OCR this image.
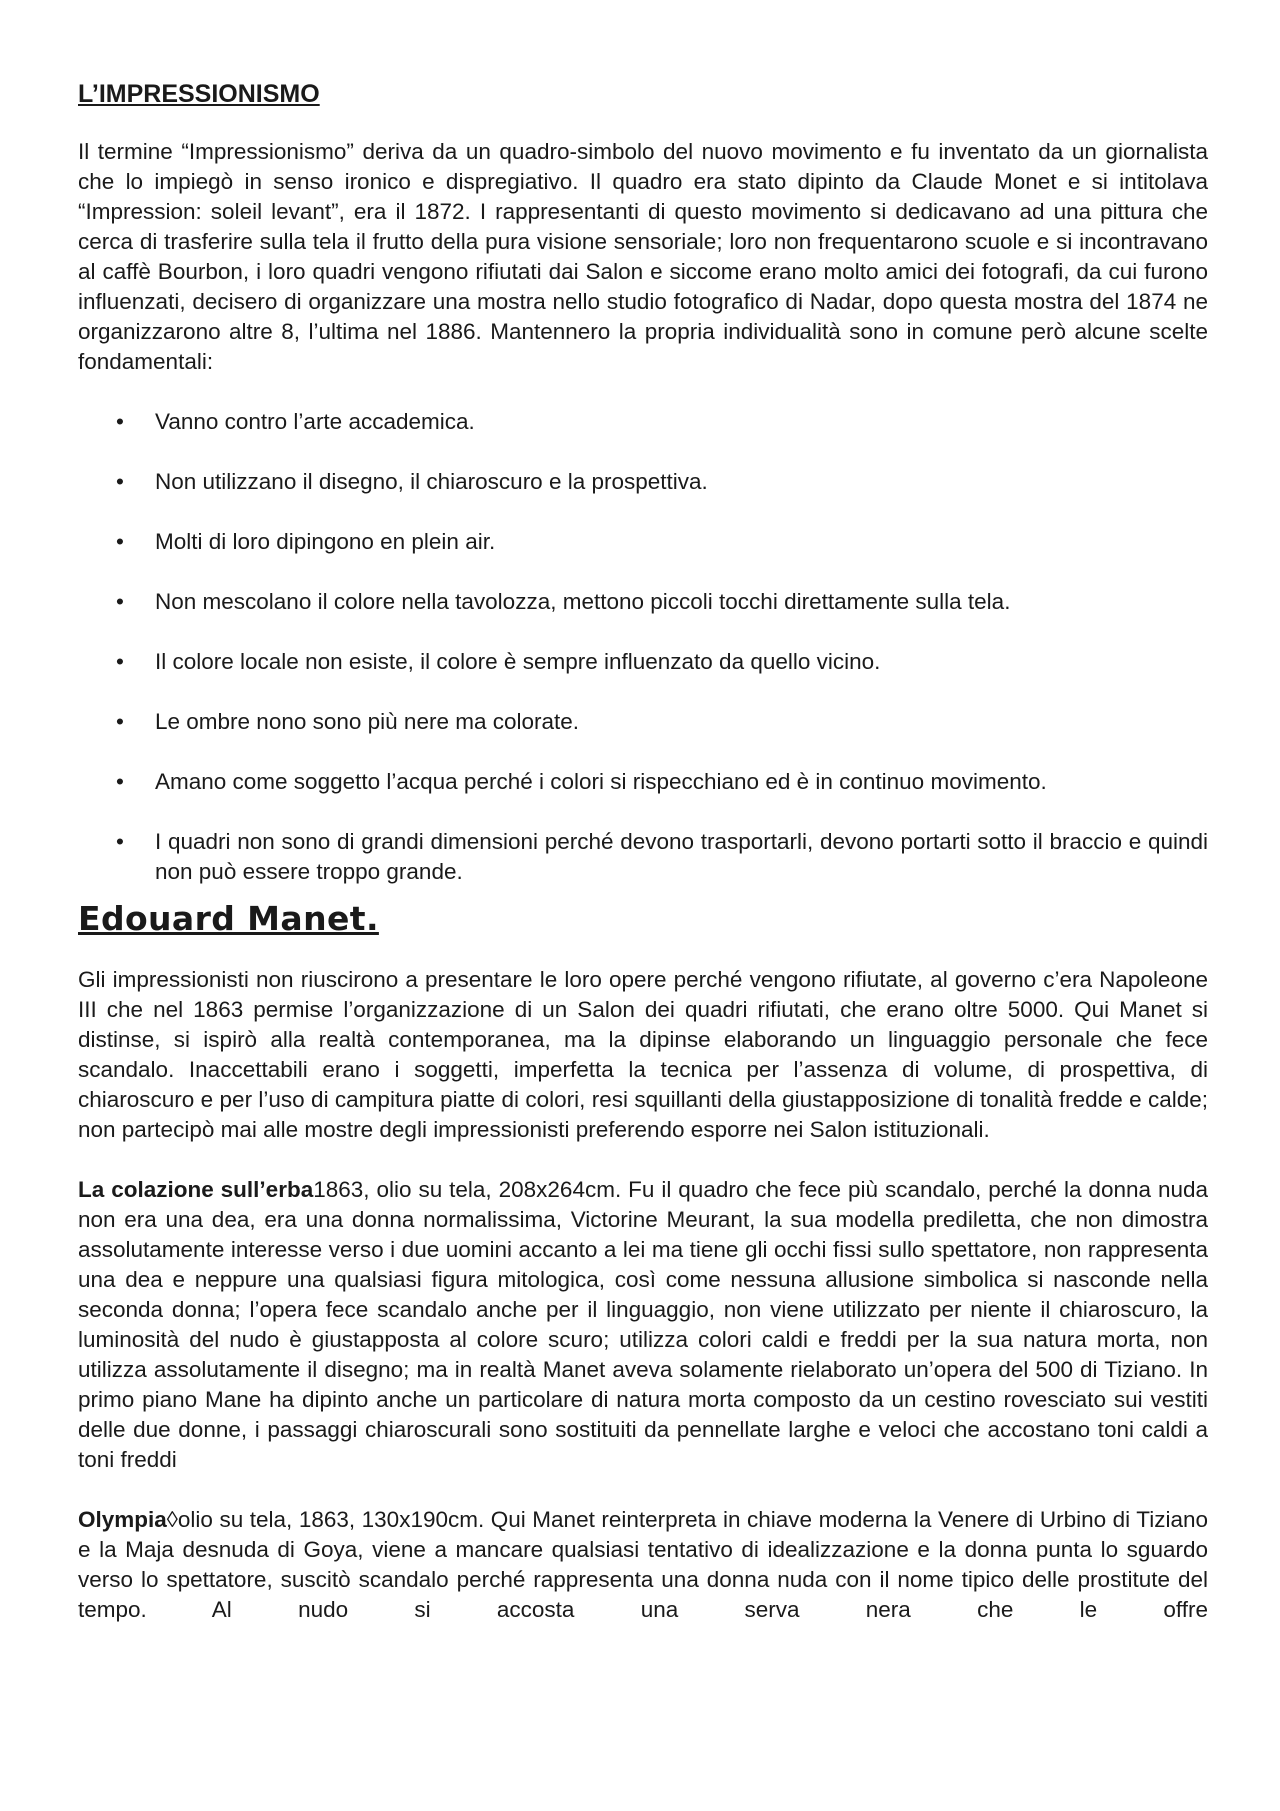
L’IMPRESSIONISMO

Il termine “Impressionismo” deriva da un quadro-simbolo del nuovo movimento e fu inventato da un giornalista che lo impiegò in senso ironico e dispregiativo. Il quadro era stato dipinto da Claude Monet e si intitolava “Impression: soleil levant”, era il 1872. I rappresentanti di questo movimento si dedicavano ad una pittura che cerca di trasferire sulla tela il frutto della pura visione sensoriale; loro non frequentarono scuole e si incontravano al caffè Bourbon, i loro quadri vengono rifiutati dai Salon e siccome erano molto amici dei fotografi, da cui furono influenzati, decisero di organizzare una mostra nello studio fotografico di Nadar, dopo questa mostra del 1874 ne organizzarono altre 8, l’ultima nel 1886. Mantennero la propria individualità sono in comune però alcune scelte fondamentali:

• Vanno contro l’arte accademica.
• Non utilizzano il disegno, il chiaroscuro e la prospettiva.
• Molti di loro dipingono en plein air.
• Non mescolano il colore nella tavolozza, mettono piccoli tocchi direttamente sulla tela.
• Il colore locale non esiste, il colore è sempre influenzato da quello vicino.
• Le ombre nono sono più nere ma colorate.
• Amano come soggetto l’acqua perché i colori si rispecchiano ed è in continuo movimento.
• I quadri non sono di grandi dimensioni perché devono trasportarli, devono portarti sotto il braccio e quindi non può essere troppo grande.
Edouard Manet.

Gli impressionisti non riuscirono a presentare le loro opere perché vengono rifiutate, al governo c’era Napoleone III che nel 1863 permise l’organizzazione di un Salon dei quadri rifiutati, che erano oltre 5000. Qui Manet si distinse, si ispirò alla realtà contemporanea, ma la dipinse elaborando un linguaggio personale che fece scandalo. Inaccettabili erano i soggetti, imperfetta la tecnica per l’assenza di volume, di prospettiva, di chiaroscuro e per l’uso di campitura piatte di colori, resi squillanti della giustapposizione di tonalità fredde e calde; non partecipò mai alle mostre degli impressionisti preferendo esporre nei Salon istituzionali.

La colazione sull’erba1863, olio su tela, 208x264cm. Fu il quadro che fece più scandalo, perché la donna nuda non era una dea, era una donna normalissima, Victorine Meurant, la sua modella prediletta, che non dimostra assolutamente interesse verso i due uomini accanto a lei ma tiene gli occhi fissi sullo spettatore, non rappresenta una dea e neppure una qualsiasi figura mitologica, così come nessuna allusione simbolica si nasconde nella seconda donna; l’opera fece scandalo anche per il linguaggio, non viene utilizzato per niente il chiaroscuro, la luminosità del nudo è giustapposta al colore scuro; utilizza colori caldi e freddi per la sua natura morta, non utilizza assolutamente il disegno; ma in realtà Manet aveva solamente rielaborato un’opera del 500 di Tiziano. In primo piano Mane ha dipinto anche un particolare di natura morta composto da un cestino rovesciato sui vestiti delle due donne, i passaggi chiaroscurali sono sostituiti da pennellate larghe e veloci che accostano toni caldi a toni freddi

Olympia◊olio su tela, 1863, 130x190cm. Qui Manet reinterpreta in chiave moderna la Venere di Urbino di Tiziano e la Maja desnuda di Goya, viene a mancare qualsiasi tentativo di idealizzazione e la donna punta lo sguardo verso lo spettatore, suscitò scandalo perché rappresenta una donna nuda con il nome tipico delle prostitute del tempo. Al nudo si accosta una serva nera che le offre
